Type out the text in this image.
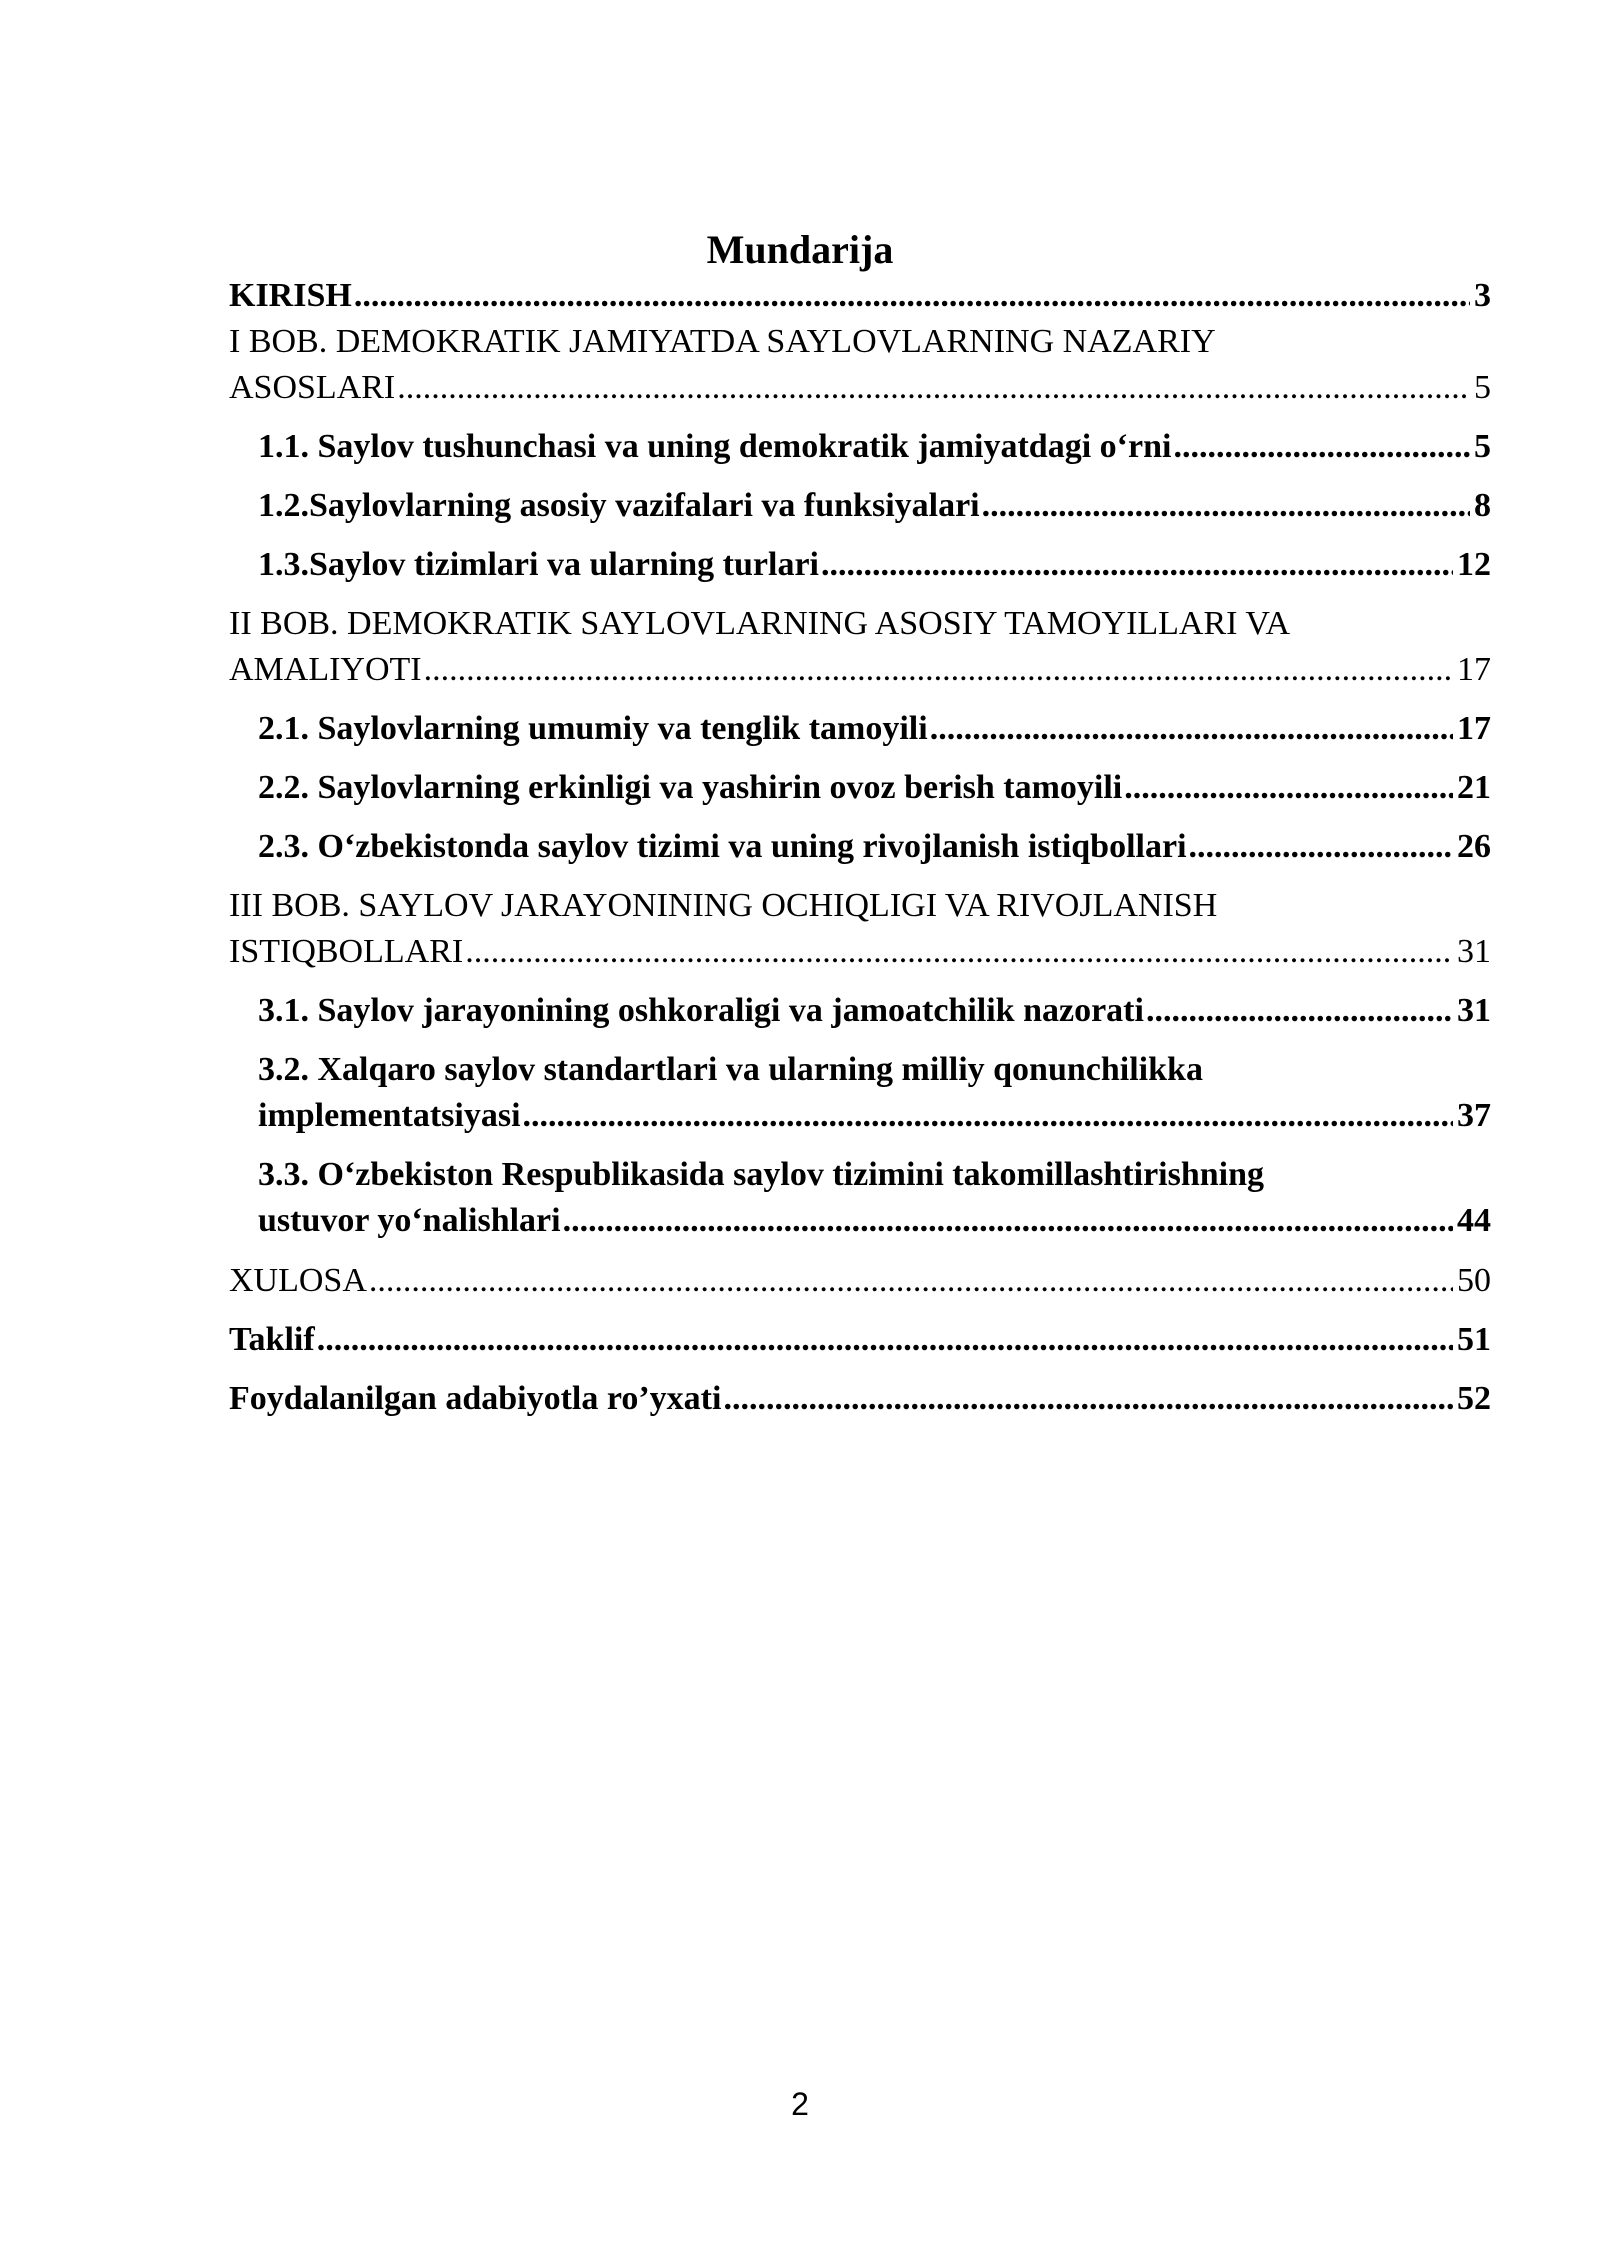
Mundarija
KIRISH .....	3
I BOB. DEMOKRATIK JAMIYATDA SAYLOVLARNING NAZARIY
ASOSLARI .....	5
1.1. Saylov tushunchasi va uning demokratik jamiyatdagi o‘rni .....	5
1.2.Saylovlarning asosiy vazifalari va funksiyalari .....	8
1.3.Saylov tizimlari va ularning turlari .....	12
II BOB. DEMOKRATIK SAYLOVLARNING ASOSIY TAMOYILLARI VA
AMALIYOTI .....	17
2.1. Saylovlarning umumiy va tenglik tamoyili .....	17
2.2. Saylovlarning erkinligi va yashirin ovoz berish tamoyili .....	21
2.3. O‘zbekistonda saylov tizimi va uning rivojlanish istiqbollari .....	26
III BOB. SAYLOV JARAYONINING OCHIQLIGI VA RIVOJLANISH
ISTIQBOLLARI .....	31
3.1. Saylov jarayonining oshkoraligi va jamoatchilik nazorati .....	31
3.2. Xalqaro saylov standartlari va ularning milliy qonunchilikka
implementatsiyasi .....	37
3.3. O‘zbekiston Respublikasida saylov tizimini takomillashtirishning
ustuvor yo‘nalishlari .....	44
XULOSA .....	50
Taklif .....	51
Foydalanilgan adabiyotla ro’yxati .....	52
2
